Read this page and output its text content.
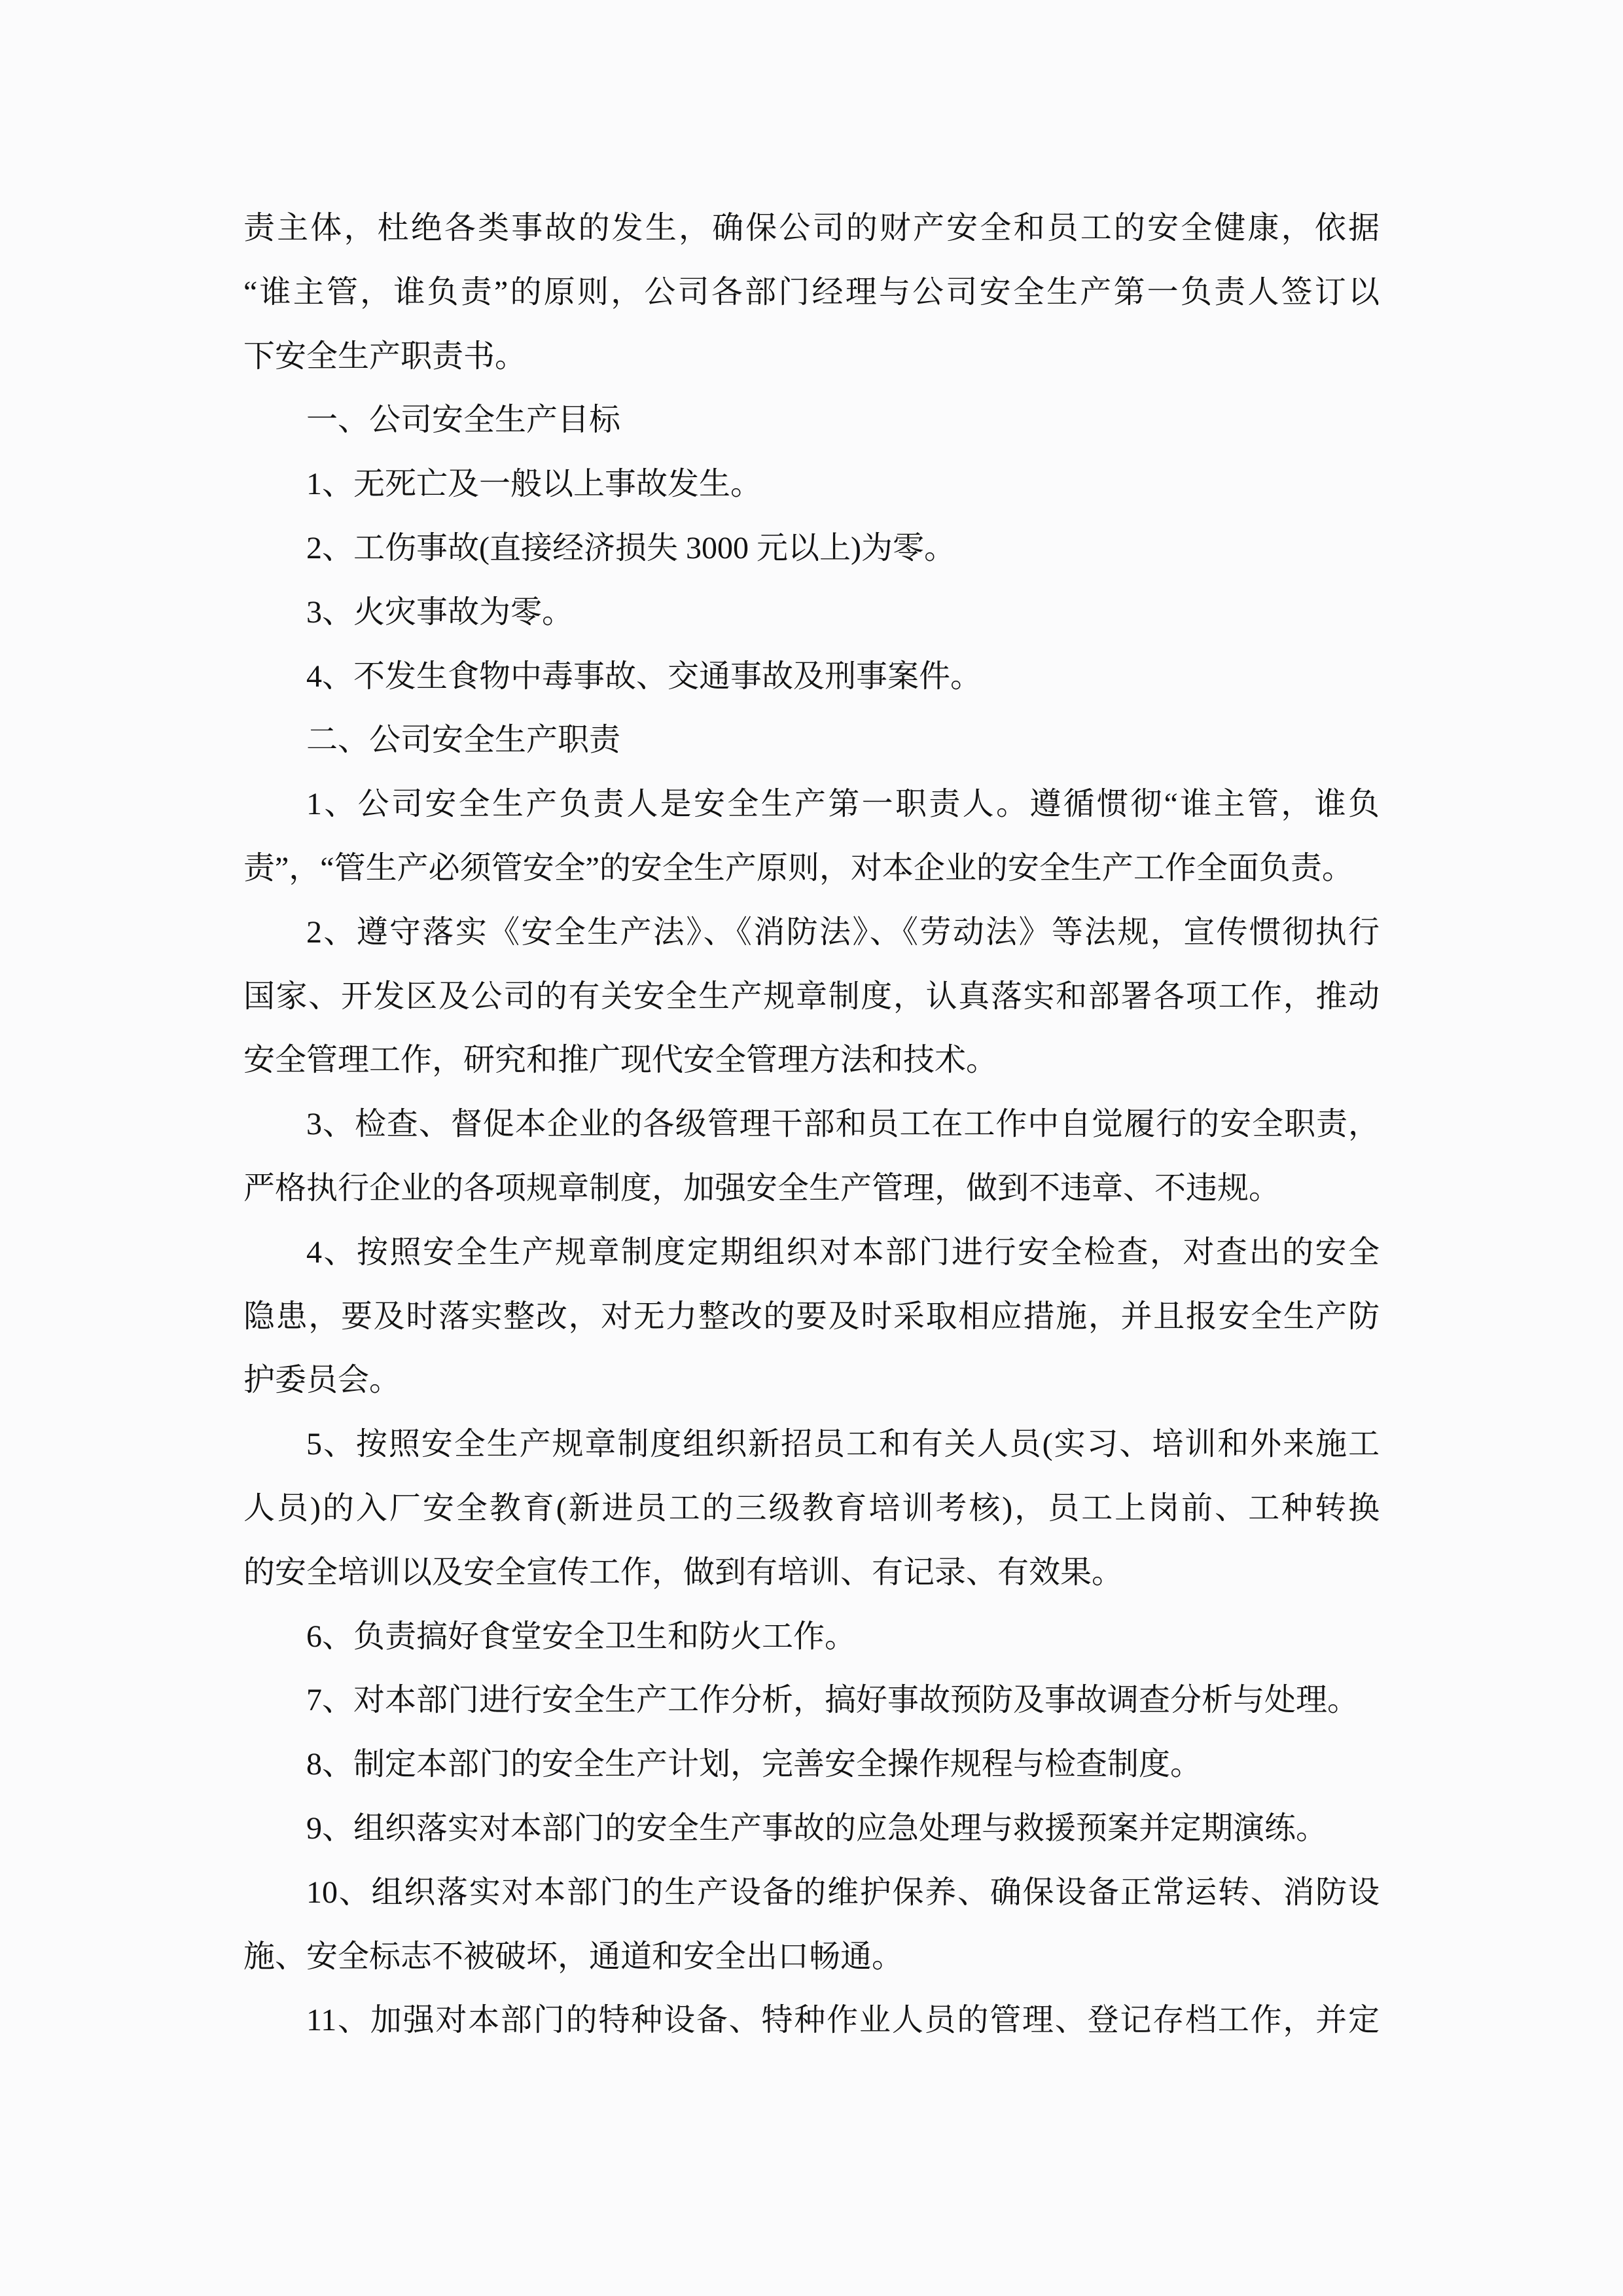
责主体，杜绝各类事故的发生，确保公司的财产安全和员工的安全健康，依据
“谁主管，谁负责”的原则，公司各部门经理与公司安全生产第一负责人签订以
下安全生产职责书。
一、公司安全生产目标
1、无死亡及一般以上事故发生。
2、工伤事故(直接经济损失 3000 元以上)为零。
3、火灾事故为零。
4、不发生食物中毒事故、交通事故及刑事案件。
二、公司安全生产职责
1、公司安全生产负责人是安全生产第一职责人。遵循惯彻“谁主管，谁负
责”，“管生产必须管安全”的安全生产原则，对本企业的安全生产工作全面负责。
2、遵守落实《安全生产法》、《消防法》、《劳动法》等法规，宣传惯彻执行
国家、开发区及公司的有关安全生产规章制度，认真落实和部署各项工作，推动
安全管理工作，研究和推广现代安全管理方法和技术。
3、检查、督促本企业的各级管理干部和员工在工作中自觉履行的安全职责，
严格执行企业的各项规章制度，加强安全生产管理，做到不违章、不违规。
4、按照安全生产规章制度定期组织对本部门进行安全检查，对查出的安全
隐患，要及时落实整改，对无力整改的要及时采取相应措施，并且报安全生产防
护委员会。
5、按照安全生产规章制度组织新招员工和有关人员(实习、培训和外来施工
人员)的入厂安全教育(新进员工的三级教育培训考核)，员工上岗前、工种转换
的安全培训以及安全宣传工作，做到有培训、有记录、有效果。
6、负责搞好食堂安全卫生和防火工作。
7、对本部门进行安全生产工作分析，搞好事故预防及事故调查分析与处理。
8、制定本部门的安全生产计划，完善安全操作规程与检查制度。
9、组织落实对本部门的安全生产事故的应急处理与救援预案并定期演练。
10、组织落实对本部门的生产设备的维护保养、确保设备正常运转、消防设
施、安全标志不被破坏，通道和安全出口畅通。
11、加强对本部门的特种设备、特种作业人员的管理、登记存档工作，并定
